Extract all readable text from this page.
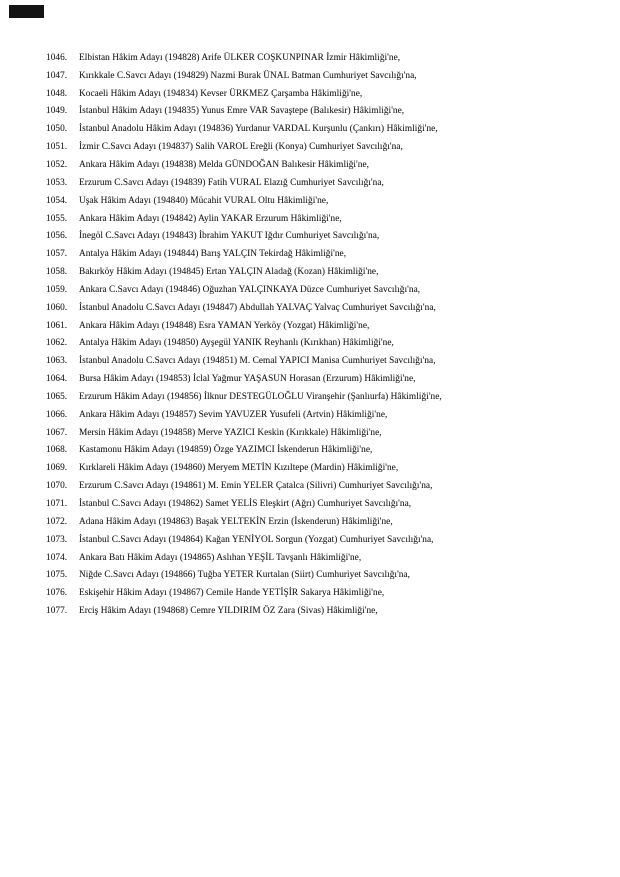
1046.	Elbistan Hâkim Adayı (194828) Arife ÜLKER COŞKUNPINAR İzmir Hâkimliği'ne,
1047.	Kırıkkale C.Savcı Adayı (194829) Nazmi Burak ÜNAL Batman Cumhuriyet Savcılığı'na,
1048.	Kocaeli Hâkim Adayı (194834) Kevser ÜRKMEZ Çarşamba Hâkimliği'ne,
1049.	İstanbul Hâkim Adayı (194835) Yunus Emre VAR Savaştepe (Balıkesir) Hâkimliği'ne,
1050.	İstanbul Anadolu Hâkim Adayı (194836) Yurdanur VARDAL Kurşunlu (Çankırı) Hâkimliği'ne,
1051.	İzmir C.Savcı Adayı (194837) Salih VAROL Ereğli (Konya) Cumhuriyet Savcılığı'na,
1052.	Ankara Hâkim Adayı (194838) Melda GÜNDOĞAN Balıkesir Hâkimliği'ne,
1053.	Erzurum C.Savcı Adayı (194839) Fatih VURAL Elazığ Cumhuriyet Savcılığı'na,
1054.	Uşak Hâkim Adayı (194840) Mücahit VURAL Oltu Hâkimliği'ne,
1055.	Ankara Hâkim Adayı (194842) Aylin YAKAR Erzurum Hâkimliği'ne,
1056.	İnegöl C.Savcı Adayı (194843) İbrahim YAKUT Iğdır Cumhuriyet Savcılığı'na,
1057.	Antalya Hâkim Adayı (194844) Barış YALÇIN Tekirdağ Hâkimliği'ne,
1058.	Bakırköy Hâkim Adayı (194845) Ertan YALÇIN Aladağ (Kozan) Hâkimliği'ne,
1059.	Ankara C.Savcı Adayı (194846) Oğuzhan YALÇINKAYA Düzce Cumhuriyet Savcılığı'na,
1060.	İstanbul Anadolu C.Savcı Adayı (194847) Abdullah YALVAÇ Yalvaç Cumhuriyet Savcılığı'na,
1061.	Ankara Hâkim Adayı (194848) Esra YAMAN Yerköy (Yozgat) Hâkimliği'ne,
1062.	Antalya Hâkim Adayı (194850) Ayşegül YANIK Reyhanlı (Kırıkhan) Hâkimliği'ne,
1063.	İstanbul Anadolu C.Savcı Adayı (194851) M. Cemal YAPICI Manisa Cumhuriyet Savcılığı'na,
1064.	Bursa Hâkim Adayı (194853) İclal Yağmur YAŞASUN Horasan (Erzurum) Hâkimliği'ne,
1065.	Erzurum Hâkim Adayı (194856) İlknur DESTEGÜLOĞLU Viranşehir (Şanlıurfa) Hâkimliği'ne,
1066.	Ankara Hâkim Adayı (194857) Sevim YAVUZER Yusufeli (Artvin) Hâkimliği'ne,
1067.	Mersin Hâkim Adayı (194858) Merve YAZICI Keskin (Kırıkkale) Hâkimliği'ne,
1068.	Kastamonu Hâkim Adayı (194859) Özge YAZIMCI İskenderun Hâkimliği'ne,
1069.	Kırklareli Hâkim Adayı (194860) Meryem METİN Kızıltepe (Mardin) Hâkimliği'ne,
1070.	Erzurum C.Savcı Adayı (194861) M. Emin YELER Çatalca (Silivri) Cumhuriyet Savcılığı'na,
1071.	İstanbul C.Savcı Adayı (194862) Samet YELİS Eleşkirt (Ağrı) Cumhuriyet Savcılığı'na,
1072.	Adana Hâkim Adayı (194863) Başak YELTEKİN Erzin (İskenderun) Hâkimliği'ne,
1073.	İstanbul C.Savcı Adayı (194864) Kağan YENİYOL Sorgun (Yozgat) Cumhuriyet Savcılığı'na,
1074.	Ankara Batı Hâkim Adayı (194865) Aslıhan YEŞİL Tavşanlı Hâkimliği'ne,
1075.	Niğde C.Savcı Adayı (194866) Tuğba YETER Kurtalan (Siirt) Cumhuriyet Savcılığı'na,
1076.	Eskişehir Hâkim Adayı (194867) Cemile Hande YETİŞİR Sakarya Hâkimliği'ne,
1077.	Erciş Hâkim Adayı (194868) Cemre YILDIRIM ÖZ Zara (Sivas) Hâkimliği'ne,
